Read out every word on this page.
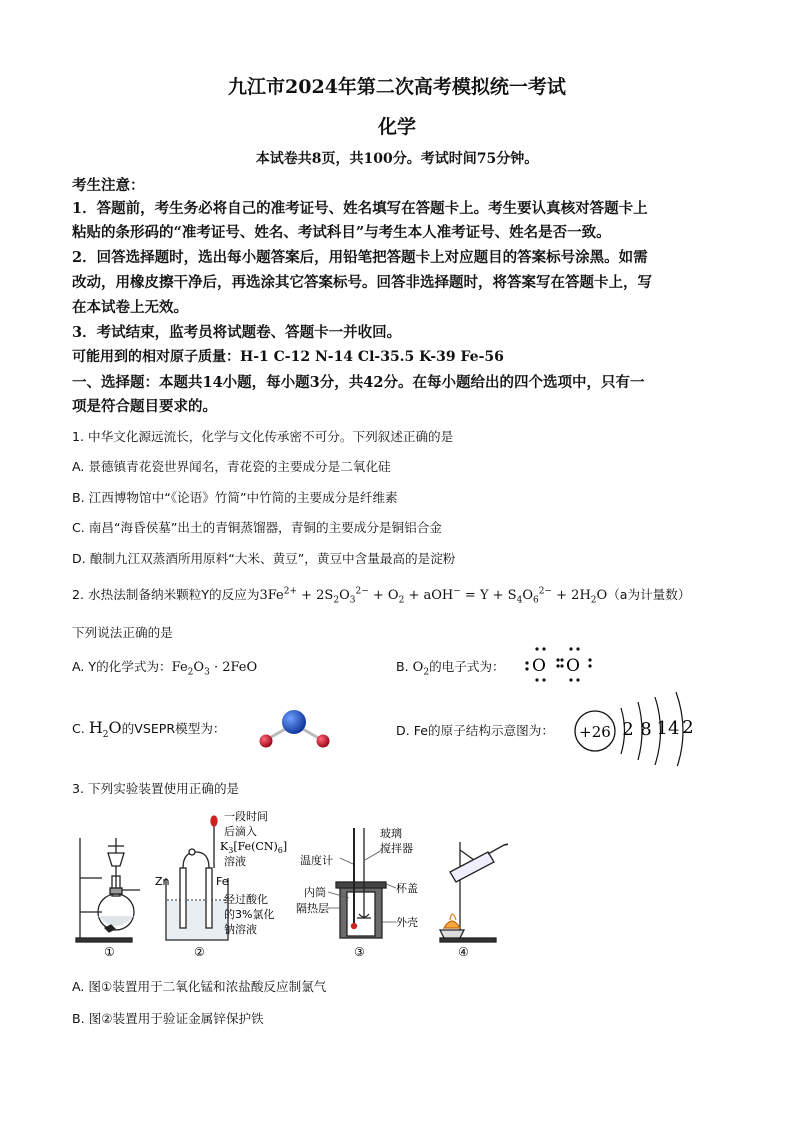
九江市2024年第二次高考模拟统一考试
化学
本试卷共8页，共100分。考试时间75分钟。
考生注意：
1．答题前，考生务必将自己的准考证号、姓名填写在答题卡上。考生要认真核对答题卡上
粘贴的条形码的“准考证号、姓名、考试科目”与考生本人准考证号、姓名是否一致。
2．回答选择题时，选出每小题答案后，用铅笔把答题卡上对应题目的答案标号涂黑。如需
改动，用橡皮擦干净后，再选涂其它答案标号。回答非选择题时，将答案写在答题卡上，写
在本试卷上无效。
3．考试结束，监考员将试题卷、答题卡一并收回。
可能用到的相对原子质量：H-1 C-12 N-14 Cl-35.5 K-39 Fe-56
一、选择题：本题共14小题，每小题3分，共42分。在每小题给出的四个选项中，只有一
项是符合题目要求的。
1. 中华文化源远流长，化学与文化传承密不可分。下列叙述正确的是
A. 景德镇青花瓷世界闻名，青花瓷的主要成分是二氧化硅
B. 江西博物馆中“《论语》竹简”中竹简的主要成分是纤维素
C. 南昌“海昏侯墓”出土的青铜蒸馏器，青铜的主要成分是铜铝合金
D. 酿制九江双蒸酒所用原料“大米、黄豆”，黄豆中含量最高的是淀粉
2. 水热法制备纳米颗粒Y的反应为$3Fe^{2+} + 2S_2O_3^{2-} + O_2 + aOH^- = Y + S_4O_6^{2-} + 2H_2O(a$为计量数）
下列说法正确的是
A. Y的化学式为：$Fe_2O_3 \cdot 2FeO$	B. $O_2$的电子式为： O O
C. $H_2O$的VSEPR模型为：	D. Fe的原子结构示意图为： +26 2 8 14 2
3. 下列实验装置使用正确的是
①
Zn	Fe
一段时间
后滴入
$K_3[Fe(CN)_6]$
溶液
经过酸化
的3%氯化
钠溶液
②
温度计
玻璃
搅拌器
杯盖
内筒
隔热层
外壳
③	④
A. 图①装置用于二氧化锰和浓盐酸反应制氯气
B. 图②装置用于验证金属锌保护铁
